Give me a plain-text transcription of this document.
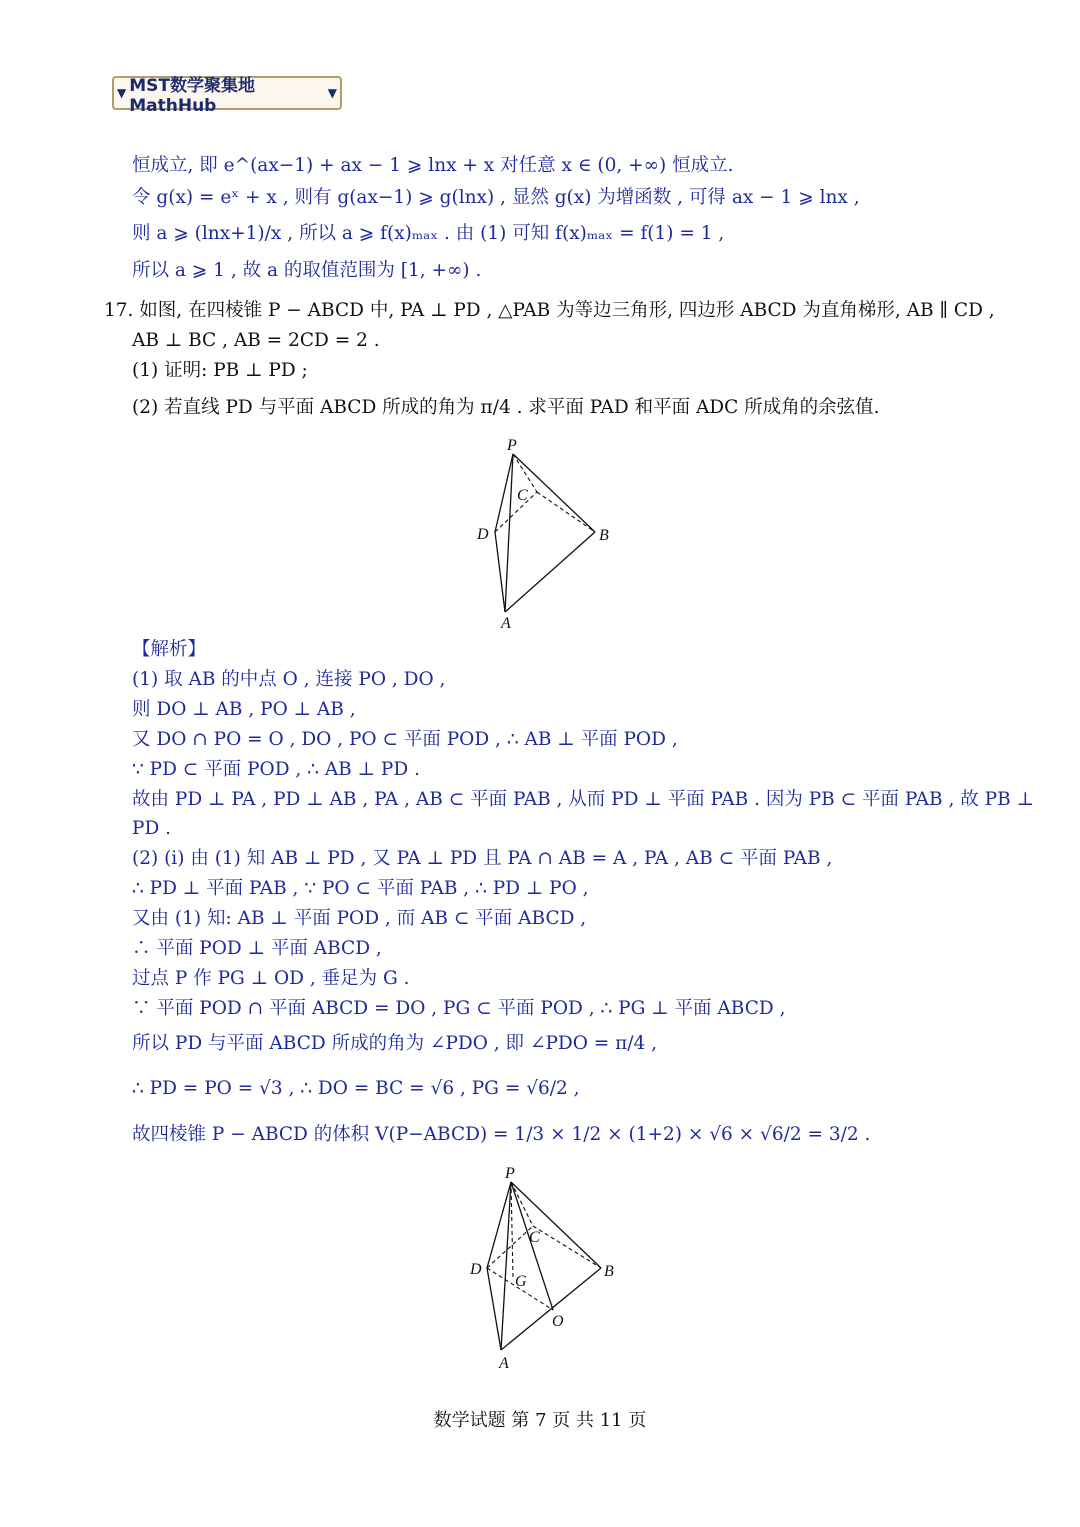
▼ MST数学聚集地MathHub
▼
恒成立, 即 e^(ax−1) + ax − 1 ⩾ lnx + x 对任意 x ∈ (0, +∞) 恒成立.
令 g(x) = eˣ + x , 则有 g(ax−1) ⩾ g(lnx) , 显然 g(x) 为增函数 , 可得 ax − 1 ⩾ lnx ,
则 a ⩾ (lnx+1)/x , 所以 a ⩾ f(x)ₘₐₓ . 由 (1) 可知 f(x)ₘₐₓ = f(1) = 1 ,
所以 a ⩾ 1 , 故 a 的取值范围为 [1, +∞) .
17. 如图, 在四棱锥 P − ABCD 中, PA ⊥ PD , △PAB 为等边三角形, 四边形 ABCD 为直角梯形, AB ∥ CD ,
AB ⊥ BC , AB = 2CD = 2 .
(1) 证明: PB ⊥ PD ;
(2) 若直线 PD 与平面 ABCD 所成的角为 π/4 . 求平面 PAD 和平面 ADC 所成角的余弦值.
P
C
D	B
A
【解析】
(1) 取 AB 的中点 O , 连接 PO , DO ,
则 DO ⊥ AB , PO ⊥ AB ,
又 DO ∩ PO = O , DO , PO ⊂ 平面 POD , ∴ AB ⊥ 平面 POD ,
∵ PD ⊂ 平面 POD , ∴ AB ⊥ PD .
故由 PD ⊥ PA , PD ⊥ AB , PA , AB ⊂ 平面 PAB , 从而 PD ⊥ 平面 PAB . 因为 PB ⊂ 平面 PAB , 故 PB ⊥
PD .
(2) (i) 由 (1) 知 AB ⊥ PD , 又 PA ⊥ PD 且 PA ∩ AB = A , PA , AB ⊂ 平面 PAB ,
∴ PD ⊥ 平面 PAB , ∵ PO ⊂ 平面 PAB , ∴ PD ⊥ PO ,
又由 (1) 知: AB ⊥ 平面 POD , 而 AB ⊂ 平面 ABCD ,
∴ 平面 POD ⊥ 平面 ABCD ,
过点 P 作 PG ⊥ OD , 垂足为 G .
∵ 平面 POD ∩ 平面 ABCD = DO , PG ⊂ 平面 POD , ∴ PG ⊥ 平面 ABCD ,
所以 PD 与平面 ABCD 所成的角为 ∠PDO , 即 ∠PDO = π/4 ,
∴ PD = PO = √3 , ∴ DO = BC = √6 , PG = √6/2 ,
故四棱锥 P − ABCD 的体积 V(P−ABCD) = 1/3 × 1/2 × (1+2) × √6 × √6/2 = 3/2 .
P
C
D
G
B
O
A
数学试题 第 7 页 共 11 页
